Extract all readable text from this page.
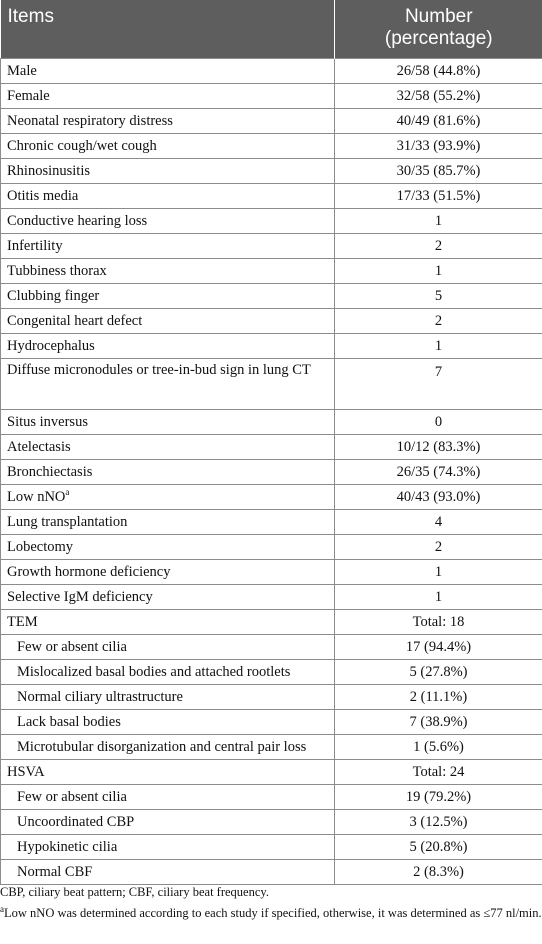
Items	Number
(percentage)
Male	26/58 (44.8%)
Female	32/58 (55.2%)
Neonatal respiratory distress	40/49 (81.6%)
Chronic cough/wet cough	31/33 (93.9%)
Rhinosinusitis	30/35 (85.7%)
Otitis media	17/33 (51.5%)
Conductive hearing loss	1
Infertility	2
Tubbiness thorax	1
Clubbing finger	5
Congenital heart defect	2
Hydrocephalus	1
Diffuse micronodules or tree-in-bud sign in lung CT	7
Situs inversus	0
Atelectasis	10/12 (83.3%)
Bronchiectasis	26/35 (74.3%)
Low nNO$^a$	40/43 (93.0%)
Lung transplantation	4
Lobectomy	2
Growth hormone deficiency	1
Selective IgM deficiency	1
TEM	Total: 18
Few or absent cilia	17 (94.4%)
Mislocalized basal bodies and attached rootlets	5 (27.8%)
Normal ciliary ultrastructure	2 (11.1%)
Lack basal bodies	7 (38.9%)
Microtubular disorganization and central pair loss	1 (5.6%)
HSVA	Total: 24
Few or absent cilia	19 (79.2%)
Uncoordinated CBP	3 (12.5%)
Hypokinetic cilia	5 (20.8%)
Normal CBF	2 (8.3%)

CBP, ciliary beat pattern; CBF, ciliary beat frequency.

$^a$Low nNO was determined according to each study if specified, otherwise, it was determined as ≤77 nl/min.
